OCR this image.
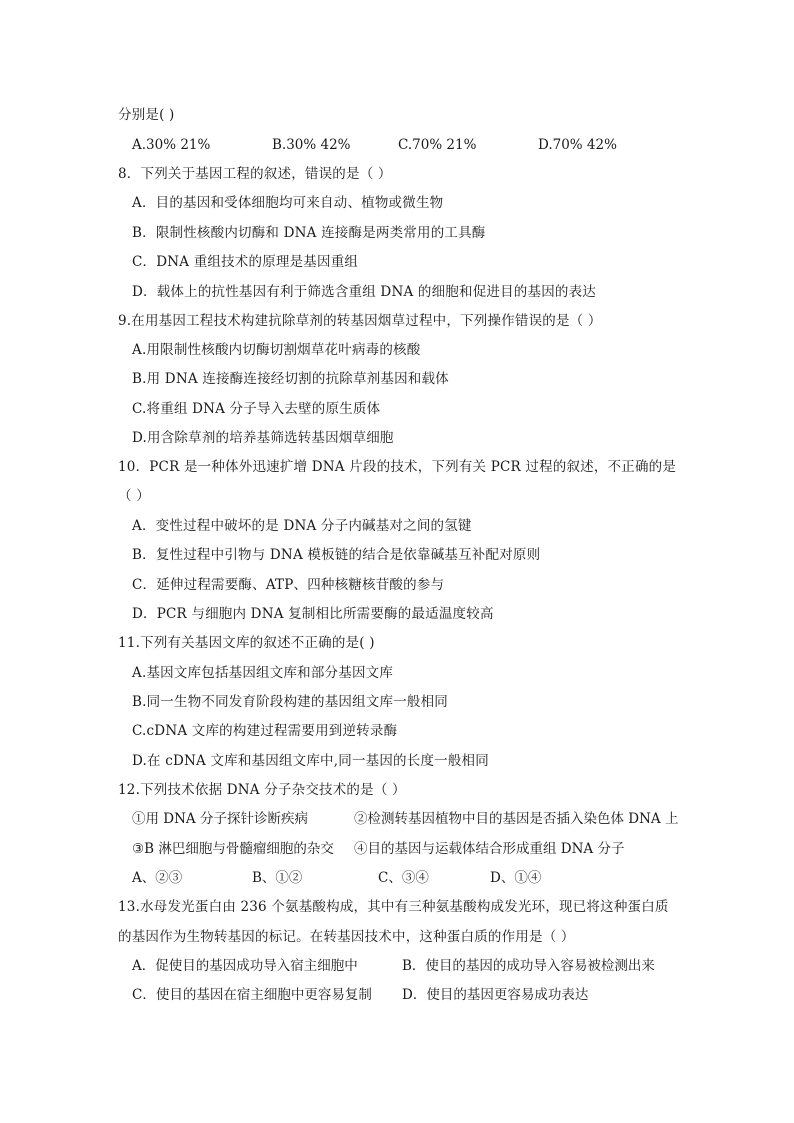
分别是( )
A.30% 21%	B.30% 42%	C.70% 21%	D.70% 42%
8．下列关于基因工程的叙述，错误的是（ ）
A．目的基因和受体细胞均可来自动、植物或微生物
B．限制性核酸内切酶和 DNA 连接酶是两类常用的工具酶
C．DNA 重组技术的原理是基因重组
D．载体上的抗性基因有利于筛选含重组 DNA 的细胞和促进目的基因的表达
9.在用基因工程技术构建抗除草剂的转基因烟草过程中，下列操作错误的是（ ）
A.用限制性核酸内切酶切割烟草花叶病毒的核酸
B.用 DNA 连接酶连接经切割的抗除草剂基因和载体
C.将重组 DNA 分子导入去壁的原生质体
D.用含除草剂的培养基筛选转基因烟草细胞
10．PCR 是一种体外迅速扩增 DNA 片段的技术，下列有关 PCR 过程的叙述，不正确的是
（ ）
A．变性过程中破坏的是 DNA 分子内碱基对之间的氢键
B．复性过程中引物与 DNA 模板链的结合是依靠碱基互补配对原则
C．延伸过程需要酶、ATP、四种核糖核苷酸的参与
D．PCR 与细胞内 DNA 复制相比所需要酶的最适温度较高
11.下列有关基因文库的叙述不正确的是( )
A.基因文库包括基因组文库和部分基因文库
B.同一生物不同发育阶段构建的基因组文库一般相同
C.cDNA 文库的构建过程需要用到逆转录酶
D.在 cDNA 文库和基因组文库中,同一基因的长度一般相同
12.下列技术依据 DNA 分子杂交技术的是（ ）
①用 DNA 分子探针诊断疾病	②检测转基因植物中目的基因是否插入染色体 DNA 上
③B 淋巴细胞与骨髓瘤细胞的杂交 ④目的基因与运载体结合形成重组 DNA 分子
A、②③	B、①②	C、③④	D、①④
13.水母发光蛋白由 236 个氨基酸构成，其中有三种氨基酸构成发光环，现已将这种蛋白质
的基因作为生物转基因的标记。在转基因技术中，这种蛋白质的作用是（ ）
A．促使目的基因成功导入宿主细胞中	B．使目的基因的成功导入容易被检测出来
C．使目的基因在宿主细胞中更容易复制 D．使目的基因更容易成功表达
